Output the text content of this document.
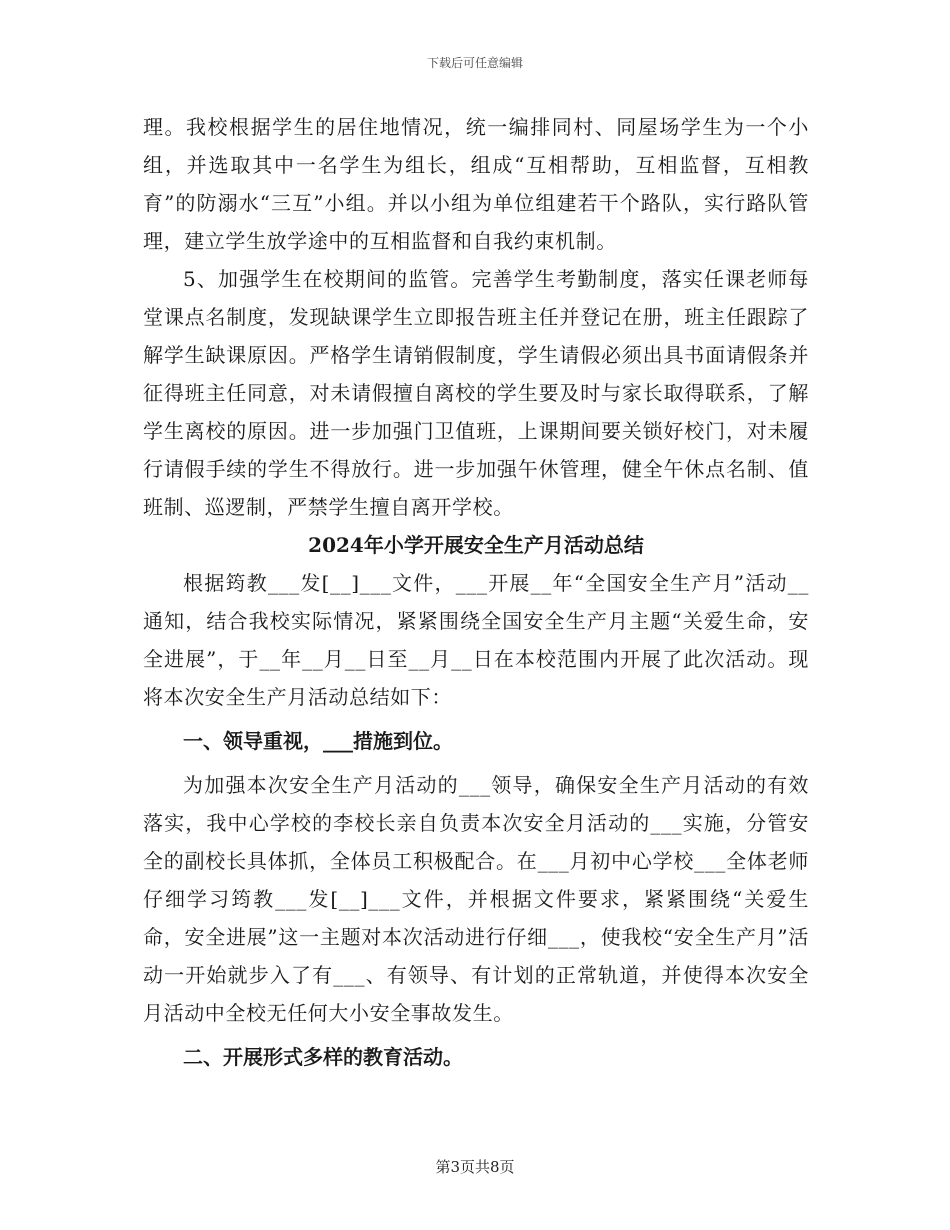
下载后可任意编辑

理。我校根据学生的居住地情况，统一编排同村、同屋场学生为一个小组，并选取其中一名学生为组长，组成“互相帮助，互相监督，互相教育”的防溺水“三互”小组。并以小组为单位组建若干个路队，实行路队管理，建立学生放学途中的互相监督和自我约束机制。

5、加强学生在校期间的监管。完善学生考勤制度，落实任课老师每堂课点名制度，发现缺课学生立即报告班主任并登记在册，班主任跟踪了解学生缺课原因。严格学生请销假制度，学生请假必须出具书面请假条并征得班主任同意，对未请假擅自离校的学生要及时与家长取得联系，了解学生离校的原因。进一步加强门卫值班，上课期间要关锁好校门，对未履行请假手续的学生不得放行。进一步加强午休管理，健全午休点名制、值班制、巡逻制，严禁学生擅自离开学校。

2024年小学开展安全生产月活动总结

根据筠教___发[__]___文件，___开展__年“全国安全生产月”活动__通知，结合我校实际情况，紧紧围绕全国安全生产月主题“关爱生命，安全进展”，于__年__月__日至__月__日在本校范围内开展了此次活动。现将本次安全生产月活动总结如下：

一、领导重视，___措施到位。

为加强本次安全生产月活动的___领导，确保安全生产月活动的有效落实，我中心学校的李校长亲自负责本次安全月活动的___实施，分管安全的副校长具体抓，全体员工积极配合。在___月初中心学校___全体老师仔细学习筠教___发[__]___文件，并根据文件要求，紧紧围绕“关爱生命，安全进展”这一主题对本次活动进行仔细___，使我校“安全生产月”活动一开始就步入了有___、有领导、有计划的正常轨道，并使得本次安全月活动中全校无任何大小安全事故发生。

二、开展形式多样的教育活动。

第3页共8页
